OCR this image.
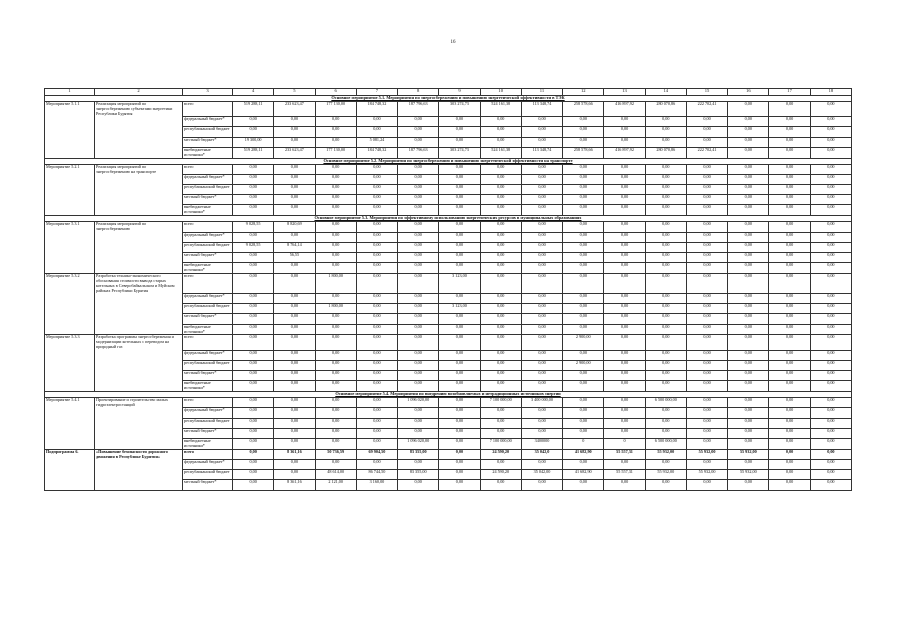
16
1	2	3	4	5	6	7	8	9	10	11	12	13	14	15	16	17	18
Основное мероприятие 5.1. Мероприятия по энергосбережению и повышению энергетической эффективности в ТЭК																	
Мероприятие 5.1.1	Реализация мероприятий по энергосбережению субъектами энергетики Республики Бурятия	всего	519 288,11	233 623,47	177 130,00	184 748,32	187 796,63	303 274,73	524 161,38	113 348,74	258 578,66	416 897,92	280 070,86	222 702,41	0,00	0,00	0,00
		федеральный бюджет*	0,00	0,00	0,00	0,00	0,00	0,00	0,00	0,00	0,00	0,00	0,00	0,00	0,00	0,00	0,00
		республиканский бюджет	0,00	0,00	0,00	0,00	0,00	0,00	0,00	0,00	0,00	0,00	0,00	0,00	0,00	0,00	0,00
		местный бюджет*	19 300,00	0,00	0,00	5 081,24	0,00	0,00	0,00	0,00	0,00	0,00	0,00	0,00	0,00	0,00	0,00
		внебюджетные источники*	519 288,11	233 623,47	177 130,00	184 748,32	187 796,63	303 274,73	524 161,38	113 348,74	258 578,66	416 897,92	280 070,86	222 702,41	0,00	0,00	0,00
Основное мероприятие 5.2. Мероприятия по энергосбережению и повышению энергетической эффективности на транспорте																	
Мероприятие 5.2.1	Реализация мероприятий по энергосбережению на транспорте	всего	0,00	0,00	0,00	0,00	0,00	0,00	0,00	0,00	0,00	0,00	0,00	0,00	0,00	0,00	0,00
		федеральный бюджет*	0,00	0,00	0,00	0,00	0,00	0,00	0,00	0,00	0,00	0,00	0,00	0,00	0,00	0,00	0,00
		республиканский бюджет	0,00	0,00	0,00	0,00	0,00	0,00	0,00	0,00	0,00	0,00	0,00	0,00	0,00	0,00	0,00
		местный бюджет*	0,00	0,00	0,00	0,00	0,00	0,00	0,00	0,00	0,00	0,00	0,00	0,00	0,00	0,00	0,00
		внебюджетные источники*	0,00	0,00	0,00	0,00	0,00	0,00	0,00	0,00	0,00	0,00	0,00	0,00	0,00	0,00	0,00
Основное мероприятие 5.3. Мероприятия по эффективному использованию энергетических ресурсов в муниципальных образованиях																	
Мероприятие 5.3.1	Реализация мероприятий по энергосбережению	всего	9 028,55	8 820,69	0,00	0,00	0,00	0,00	0,00	0,00	0,00	0,00	0,00	0,00	0,00	0,00	0,00
		федеральный бюджет*	0,00	0,00	0,00	0,00	0,00	0,00	0,00	0,00	0,00	0,00	0,00	0,00	0,00	0,00	0,00
		республиканский бюджет	9 028,55	8 764,14	0,00	0,00	0,00	0,00	0,00	0,00	0,00	0,00	0,00	0,00	0,00	0,00	0,00
		местный бюджет*	0,00	56,55	0,00	0,00	0,00	0,00	0,00	0,00	0,00	0,00	0,00	0,00	0,00	0,00	0,00
		внебюджетные источники*	0,00	0,00	0,00	0,00	0,00	0,00	0,00	0,00	0,00	0,00	0,00	0,00	0,00	0,00	0,00
Мероприятие 5.3.2	Разработка технико-экономического обоснования стоимости вывода старых котельных в Северобайкальском и Муйском районах Республики Бурятия	всего	0,00	0,00	1 800,00	0,00	0,00	3 123,00	0,00	0,00	0,00	0,00	0,00	0,00	0,00	0,00	0,00
		федеральный бюджет*	0,00	0,00	0,00	0,00	0,00	0,00	0,00	0,00	0,00	0,00	0,00	0,00	0,00	0,00	0,00
		республиканский бюджет	0,00	0,00	1 800,00	0,00	0,00	3 123,00	0,00	0,00	0,00	0,00	0,00	0,00	0,00	0,00	0,00
		местный бюджет*	0,00	0,00	0,00	0,00	0,00	0,00	0,00	0,00	0,00	0,00	0,00	0,00	0,00	0,00	0,00
		внебюджетные источники*	0,00	0,00	0,00	0,00	0,00	0,00	0,00	0,00	0,00	0,00	0,00	0,00	0,00	0,00	0,00
Мероприятие 5.3.3	Разработка программы энергосбережения и модернизации котельных с переводом на природный газ	всего	0,00	0,00	0,00	0,00	0,00	0,00	0,00	0,00	2 900,00	0,00	0,00	0,00	0,00	0,00	0,00
		федеральный бюджет*	0,00	0,00	0,00	0,00	0,00	0,00	0,00	0,00	0,00	0,00	0,00	0,00	0,00	0,00	0,00
		республиканский бюджет	0,00	0,00	0,00	0,00	0,00	0,00	0,00	0,00	2 900,00	0,00	0,00	0,00	0,00	0,00	0,00
		местный бюджет*	0,00	0,00	0,00	0,00	0,00	0,00	0,00	0,00	0,00	0,00	0,00	0,00	0,00	0,00	0,00
		внебюджетные источники*	0,00	0,00	0,00	0,00	0,00	0,00	0,00	0,00	0,00	0,00	0,00	0,00	0,00	0,00	0,00
Основное мероприятие 5.4. Мероприятия по внедрению возобновляемых и нетрадиционных источников энергии																	
Мероприятие 5.4.1	Проектирование и строительство малых гидроэлектростанций	всего	0,00	0,00	0,00	0,00	1 096 020,00	0,00	7 100 000,00	3 400 000,00	0,00	0,00	6 500 000,00	0,00	0,00	0,00	0,00
		федеральный бюджет*	0,00	0,00	0,00	0,00	0,00	0,00	0,00	0,00	0,00	0,00	0,00	0,00	0,00	0,00	0,00
		республиканский бюджет	0,00	0,00	0,00	0,00	0,00	0,00	0,00	0,00	0,00	0,00	0,00	0,00	0,00	0,00	0,00
		местный бюджет*	0,00	0,00	0,00	0,00	0,00	0,00	0,00	0,00	0,00	0,00	0,00	0,00	0,00	0,00	0,00
		внебюджетные источники*	0,00	0,00	0,00	0,00	1 096 020,00	0,00	7 100 000,00	3400000	0	0	6 500 000,00	0,00	0,00	0,00	0,00
Подпрограмма 6.	«Повышение безопасности дорожного движения в Республике Бурятия»	всего	0,00	8 361,16	50 736,59	69 904,50	83 355,00	0,00	24 590,20	35 042,0	41 682,90	55 557,31	55 932,00	55 932,00	55 932,00	0,00	0,00
		федеральный бюджет*	0,00	0,00	0,00	0,00	0,00	0,00	0,00	0,00	0,00	0,00	0,00	0,00	0,00	0,00	0,00
		республиканский бюджет	0,00	0,00	48 614,00	86 744,50	83 355,00	0,00	24 590,20	35 042,00	41 682,90	55 557,31	55 932,00	55 932,00	55 932,00	0,00	0,00
		местный бюджет*	0,00	8 361,16	2 121,00	3 160,00	0,00	0,00	0,00	0,00	0,00	0,00	0,00	0,00	0,00	0,00	0,00
